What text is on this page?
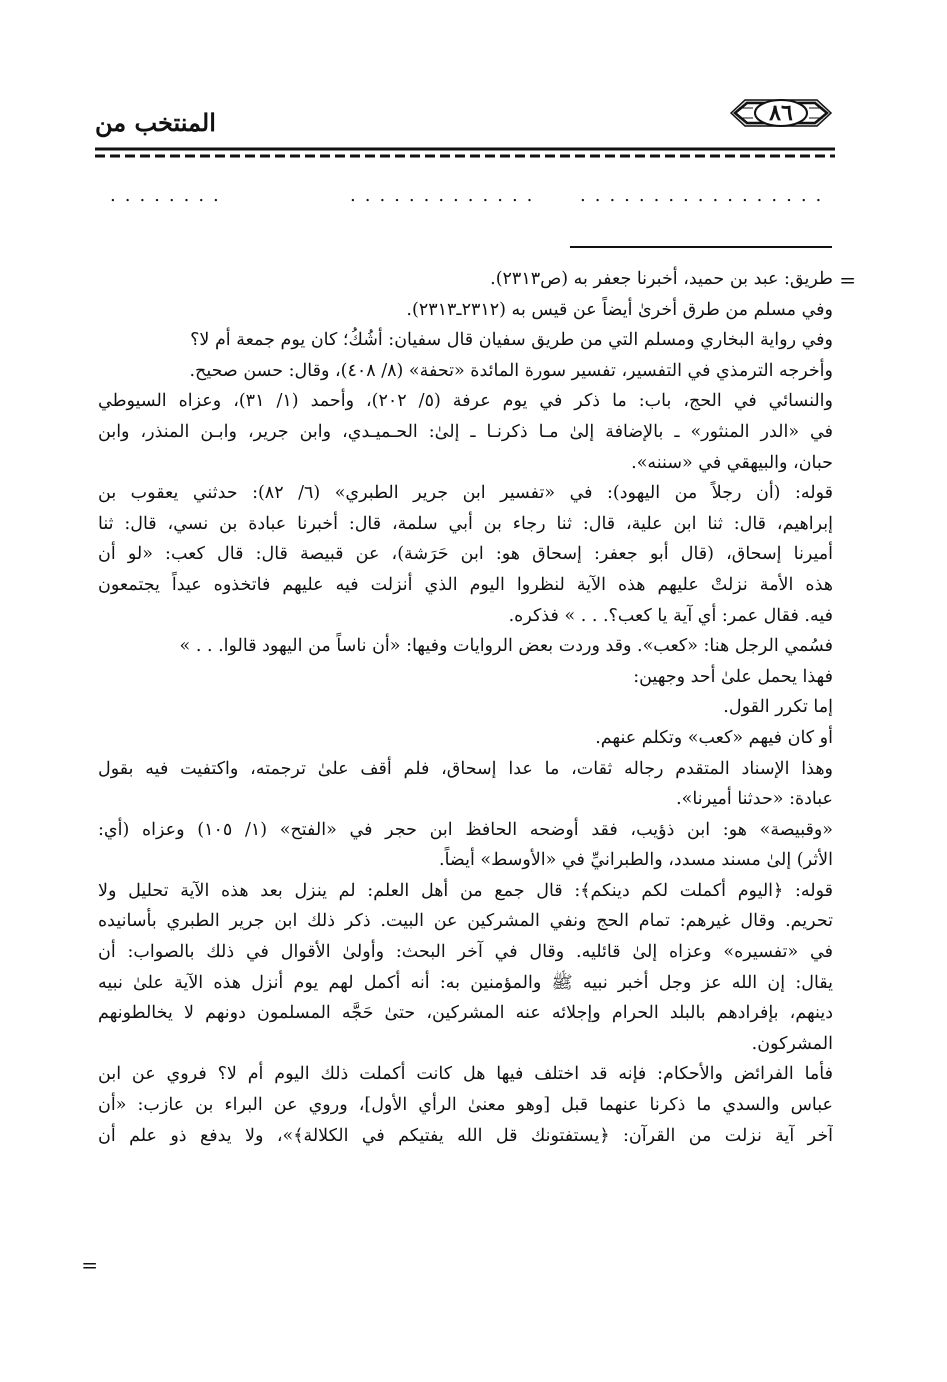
المنتخب من	٨٦
........	............. .................
=
=
طريق: عبد بن حميد، أخبرنا جعفر به (ص٢٣١٣).
وفي مسلم من طرق أخرىٰ أيضاً عن قيس به (٢٣١٢ـ٢٣١٣).
وفي رواية البخاري ومسلم التي من طريق سفيان قال سفيان: أشُكُ؛ كان يوم جمعة أم لا؟
وأخرجه الترمذي في التفسير، تفسير سورة المائدة «تحفة» (٨/ ٤٠٨)، وقال: حسن صحيح.
والنسائي في الحج، باب: ما ذكر في يوم عرفة (٥/ ٢٠٢)، وأحمد (١/ ٣١)، وعزاه السيوطي
في «الدر المنثور» ـ بالإضافة إلىٰ مـا ذكرنـا ـ إلىٰ: الحـميـدي، وابن جرير، وابـن المنذر، وابن
حبان، والبيهقي في «سننه».
قوله: (أن رجلاً من اليهود): في «تفسير ابن جرير الطبري» (٦/ ٨٢): حدثني يعقوب بن
إبراهيم، قال: ثنا ابن علية، قال: ثنا رجاء بن أبي سلمة، قال: أخبرنا عبادة بن نسي، قال: ثنا
أميرنا إسحاق، (قال أبو جعفر: إسحاق هو: ابن حَرَشة)، عن قبيصة قال: قال كعب: «لو أن
هذه الأمة نزلتْ عليهم هذه الآية لنظروا اليوم الذي أنزلت فيه عليهم فاتخذوه عيداً يجتمعون
فيه. فقال عمر: أي آية يا كعب؟. . . » فذكره.
فسُمي الرجل هنا: «كعب». وقد وردت بعض الروايات وفيها: «أن ناساً من اليهود قالوا. . . »
فهذا يحمل علىٰ أحد وجهين:
إما تكرر القول.
أو كان فيهم «كعب» وتكلم عنهم.
وهذا الإسناد المتقدم رجاله ثقات، ما عدا إسحاق، فلم أقف علىٰ ترجمته، واكتفيت فيه بقول
عبادة: «حدثنا أميرنا».
«وقبيصة» هو: ابن ذؤيب، فقد أوضحه الحافظ ابن حجر في «الفتح» (١/ ١٠٥) وعزاه (أي:
الأثر) إلىٰ مسند مسدد، والطبرانيِّ في «الأوسط» أيضاً.
قوله: ﴿اليوم أكملت لكم دينكم﴾: قال جمع من أهل العلم: لم ينزل بعد هذه الآية تحليل ولا
تحريم. وقال غيرهم: تمام الحج ونفي المشركين عن البيت. ذكر ذلك ابن جرير الطبري بأسانيده
في «تفسيره» وعزاه إلىٰ قائليه. وقال في آخر البحث: وأولىٰ الأقوال في ذلك بالصواب: أن
يقال: إن الله عز وجل أخبر نبيه ﷺ والمؤمنين به: أنه أكمل لهم يوم أنزل هذه الآية علىٰ نبيه
دينهم، بإفرادهم بالبلد الحرام وإجلائه عنه المشركين، حتىٰ حَجَّه المسلمون دونهم لا يخالطونهم
المشركون.
فأما الفرائض والأحكام: فإنه قد اختلف فيها هل كانت أكملت ذلك اليوم أم لا؟ فروي عن ابن
عباس والسدي ما ذكرنا عنهما قبل [وهو معنىٰ الرأي الأول]، وروي عن البراء بن عازب: «أن
آخر آية نزلت من القرآن: ﴿يستفتونك قل الله يفتيكم في الكلالة﴾»، ولا يدفع ذو علم أن
